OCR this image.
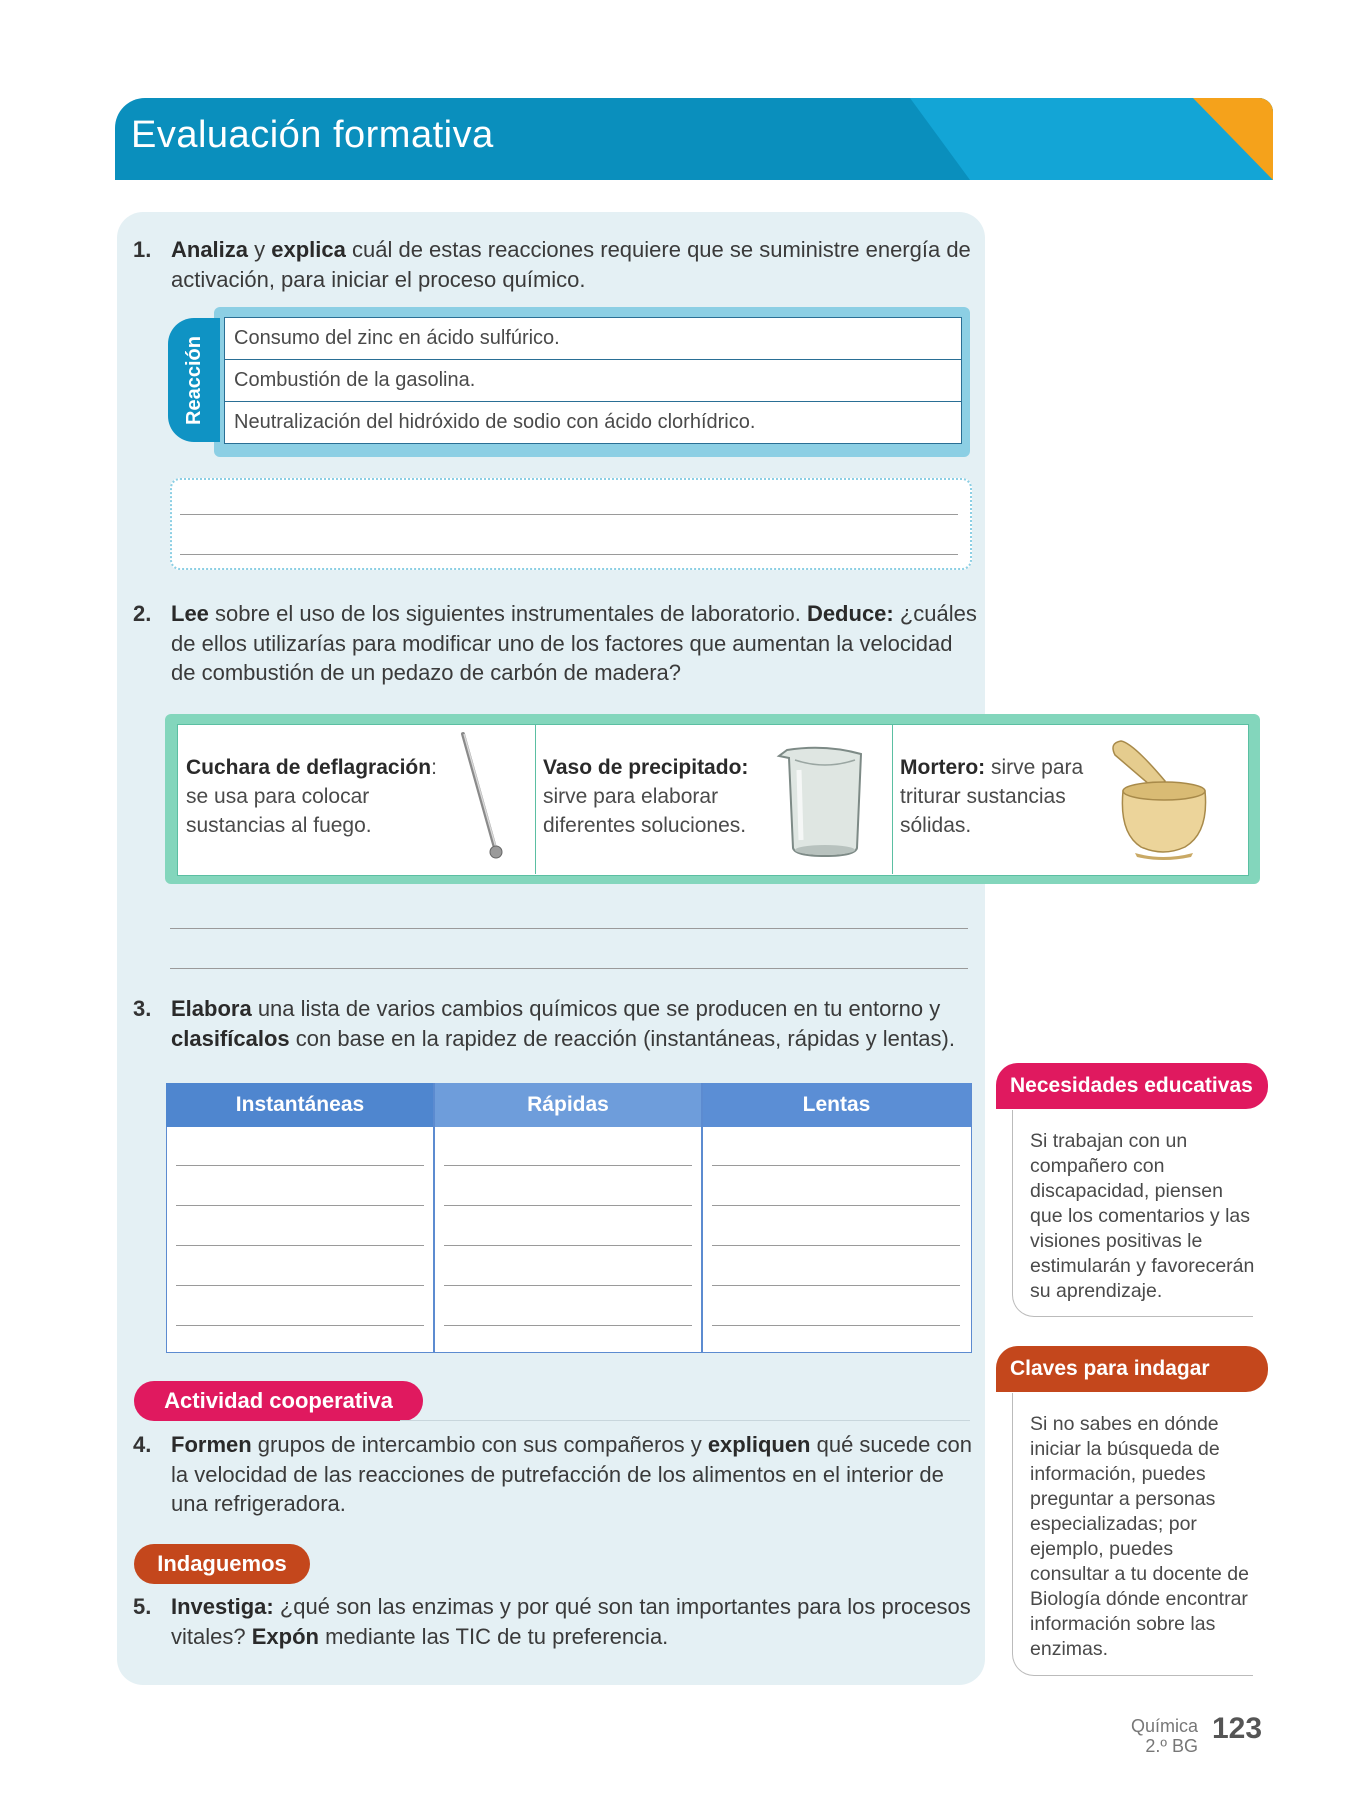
Evaluación formativa
DUA
Acción y expresión
1. Analiza y explica cuál de estas reacciones requiere que se suministre energía de activación, para iniciar el proceso químico.
Reacción	Consumo del zinc en ácido sulfúrico.
Combustión de la gasolina.
Neutralización del hidróxido de sodio con ácido clorhídrico.
2. Lee sobre el uso de los siguientes instrumentales de laboratorio. Deduce: ¿cuáles de ellos utilizarías para modificar uno de los factores que aumentan la velocidad de combustión de un pedazo de carbón de madera?
Cuchara de deflagración:
se usa para colocar sustancias al fuego.
Vaso de precipitado:
sirve para elaborar diferentes soluciones.
Mortero: sirve para triturar sustancias sólidas.
3. Elabora una lista de varios cambios químicos que se producen en tu entorno y clasifícalos con base en la rapidez de reacción (instantáneas, rápidas y lentas).
Instantáneas	Rápidas	Lentas
Actividad cooperativa
4. Formen grupos de intercambio con sus compañeros y expliquen qué sucede con la velocidad de las reacciones de putrefacción de los alimentos en el interior de una refrigeradora.
Indaguemos
5. Investiga: ¿qué son las enzimas y por qué son tan importantes para los procesos vitales? Expón mediante las TIC de tu preferencia.
Necesidades educativas
Si trabajan con un compañero con discapacidad, piensen que los comentarios y las visiones positivas le estimularán y favorecerán su aprendizaje.
Claves para indagar
Si no sabes en dónde iniciar la búsqueda de información, puedes preguntar a personas especializadas; por ejemplo, puedes consultar a tu docente de Biología dónde encontrar información sobre las enzimas.
Química
2.º BG
123
